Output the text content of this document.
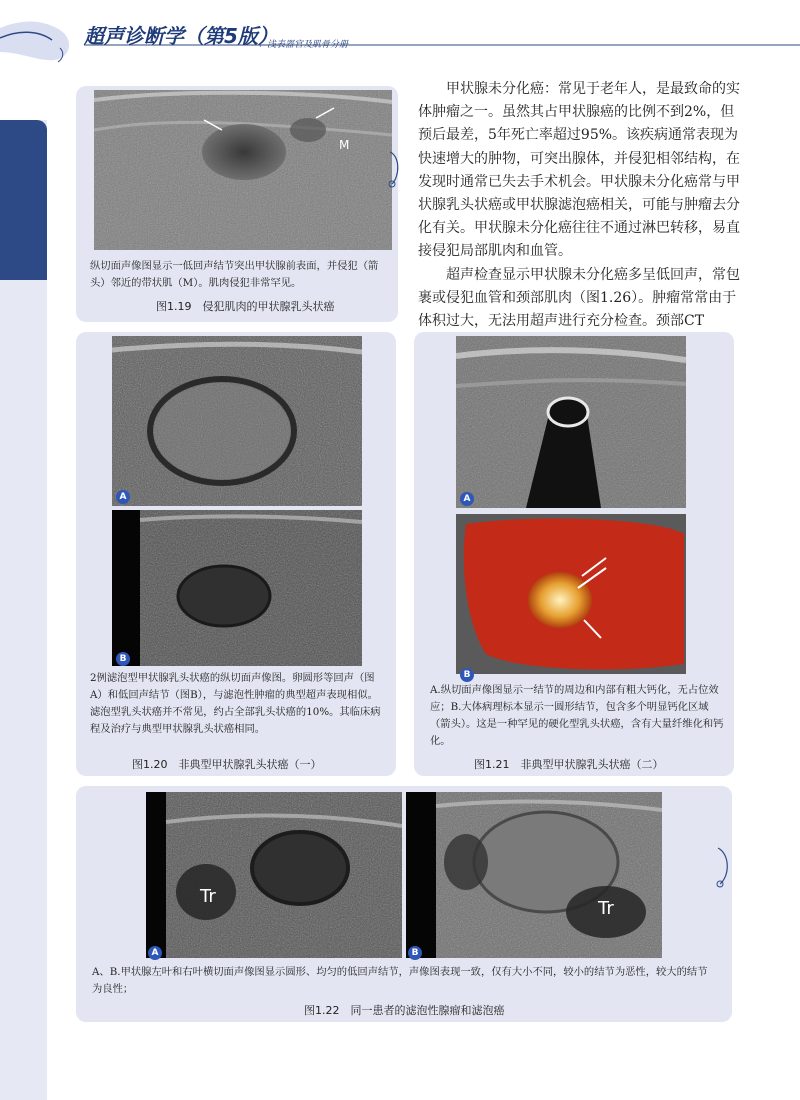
超声诊断学（第5版）
：浅表器官及肌骨分册
M
纵切面声像图显示一低回声结节突出甲状腺前表面，并侵犯（箭头）邻近的带状肌（M）。肌肉侵犯非常罕见。
图1.19　侵犯肌肉的甲状腺乳头状癌

甲状腺未分化癌：常见于老年人，是最致命的实体肿瘤之一。虽然其占甲状腺癌的比例不到2%，但预后最差，5年死亡率超过95%。该疾病通常表现为快速增大的肿物，可突出腺体，并侵犯相邻结构，在发现时通常已失去手术机会。甲状腺未分化癌常与甲状腺乳头状癌或甲状腺滤泡癌相关，可能与肿瘤去分化有关。甲状腺未分化癌往往不通过淋巴转移，易直接侵犯局部肌肉和血管。

超声检查显示甲状腺未分化癌多呈低回声，常包裹或侵犯血管和颈部肌肉（图1.26）。肿瘤常常由于体积过大，无法用超声进行充分检查。颈部CT

A
B
2例滤泡型甲状腺乳头状癌的纵切面声像图。卵圆形等回声（图A）和低回声结节（图B），与滤泡性肿瘤的典型超声表现相似。滤泡型乳头状癌并不常见，约占全部乳头状癌的10%。其临床病程及治疗与典型甲状腺乳头状癌相同。
图1.20　非典型甲状腺乳头状癌（一）
A
B
A.纵切面声像图显示一结节的周边和内部有粗大钙化，无占位效应；B.大体病理标本显示一圆形结节，包含多个明显钙化区域（箭头）。这是一种罕见的硬化型乳头状癌，含有大量纤维化和钙化。
图1.21　非典型甲状腺乳头状癌（二）
Tr
A
Tr
B
A、B.甲状腺左叶和右叶横切面声像图显示圆形、均匀的低回声结节，声像图表现一致，仅有大小不同，较小的结节为恶性，较大的结节为良性；
图1.22　同一患者的滤泡性腺瘤和滤泡癌
14
